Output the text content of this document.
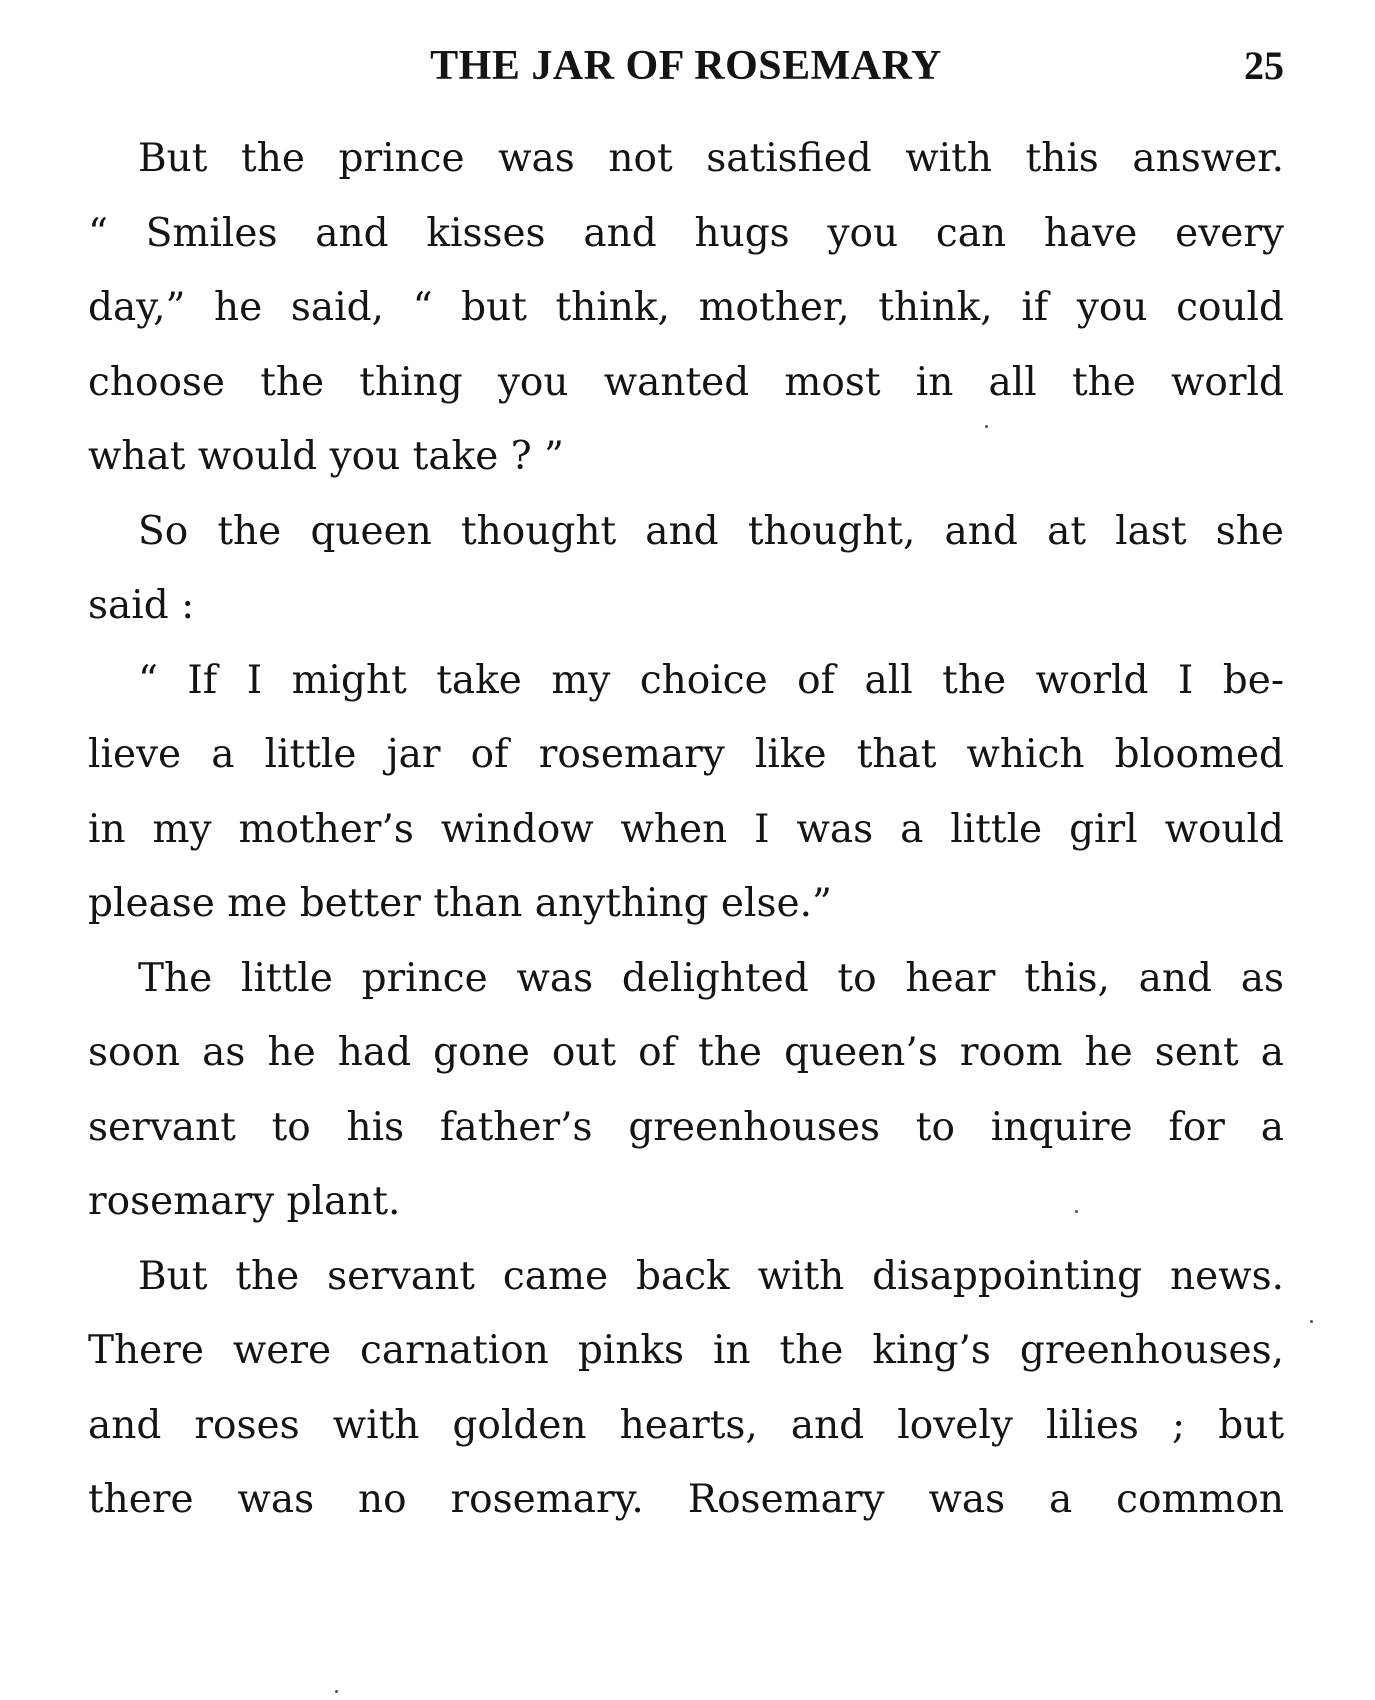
THE JAR OF ROSEMARY	25

But the prince was not satisfied with this answer.
“ Smiles and kisses and hugs you can have every
day,” he said, “ but think, mother, think, if you could
choose the thing you wanted most in all the world
what would you take ? ”

So the queen thought and thought, and at last she
said :

“ If I might take my choice of all the world I be-
lieve a little jar of rosemary like that which bloomed
in my mother’s window when I was a little girl would
please me better than anything else.”

The little prince was delighted to hear this, and as
soon as he had gone out of the queen’s room he sent a
servant to his father’s greenhouses to inquire for a
rosemary plant.

But the servant came back with disappointing news.
There were carnation pinks in the king’s greenhouses,
and roses with golden hearts, and lovely lilies ; but
there was no rosemary. Rosemary was a common
